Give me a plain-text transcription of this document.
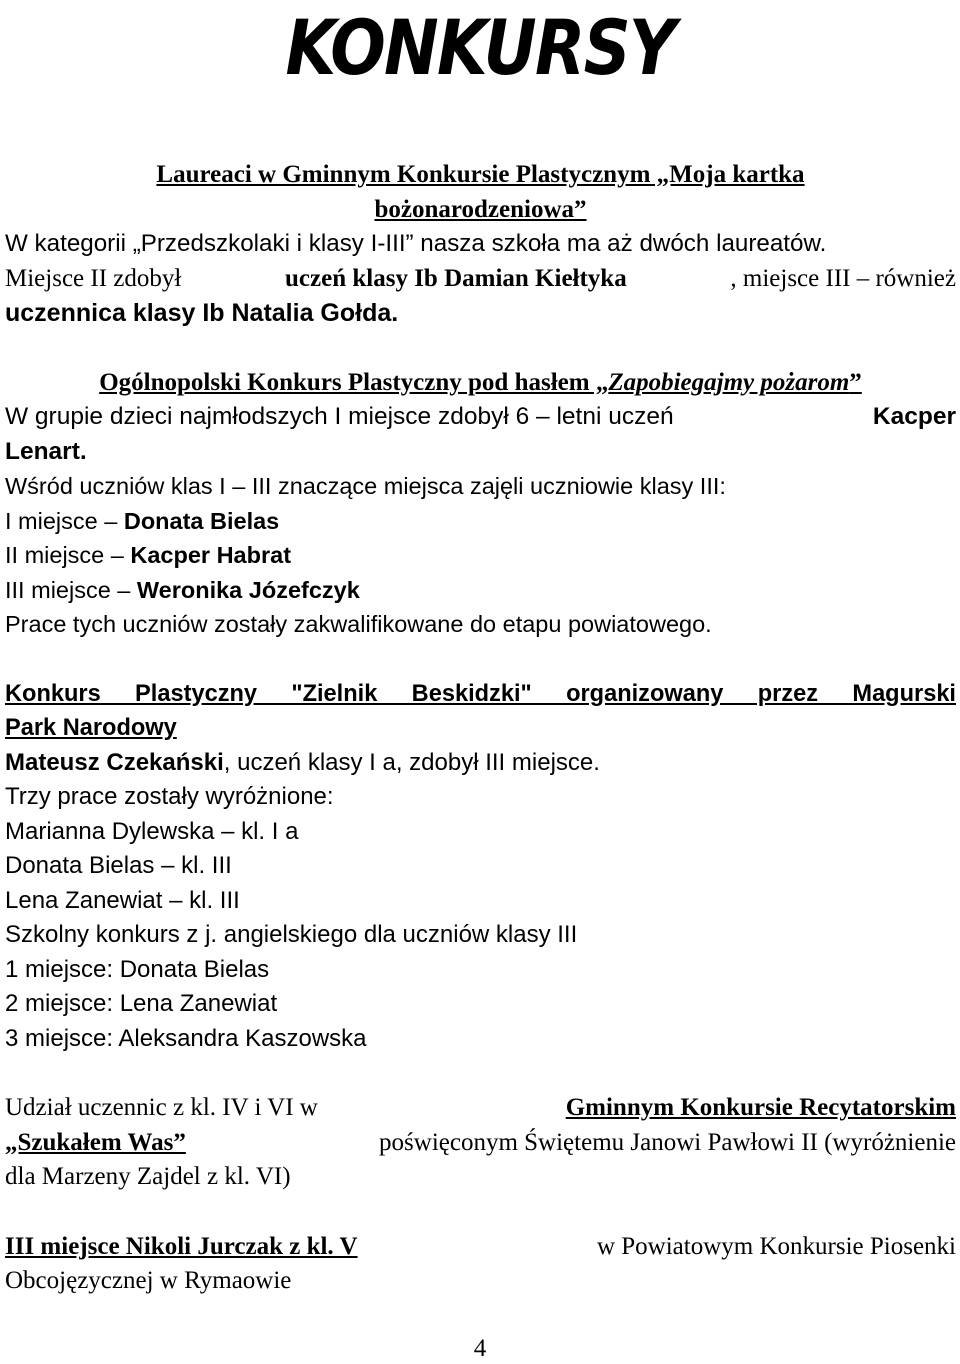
KONKURSY

Laureaci w Gminnym Konkursie Plastycznym „Moja kartka
bożonarodzeniowa”

W kategorii „Przedszkolaki i klasy I-III” nasza szkoła ma aż dwóch laureatów.

Miejsce II zdobył	uczeń klasy Ib Damian Kiełtyka	, miejsce III – również

uczennica klasy Ib Natalia Gołda.

Ogólnopolski Konkurs Plastyczny pod hasłem „Zapobiegajmy pożarom”

W grupie dzieci najmłodszych I miejsce zdobył 6 – letni uczeń	Kacper

Lenart.

Wśród uczniów klas I – III znaczące miejsca zajęli uczniowie klasy III:

I miejsce – Donata Bielas

II miejsce – Kacper Habrat

III miejsce – Weronika Józefczyk

Prace tych uczniów zostały zakwalifikowane do etapu powiatowego.

Konkurs Plastyczny "Zielnik Beskidzki" organizowany przez Magurski

Park Narodowy

Mateusz Czekański, uczeń klasy I a, zdobył III miejsce.

Trzy prace zostały wyróżnione:

Marianna Dylewska – kl. I a

Donata Bielas – kl. III

Lena Zanewiat – kl. III

Szkolny konkurs z j. angielskiego dla uczniów klasy III

1 miejsce: Donata Bielas

2 miejsce: Lena Zanewiat

3 miejsce: Aleksandra Kaszowska

Udział uczennic z kl. IV i VI w	Gminnym Konkursie Recytatorskim

„Szukałem Was”	poświęconym Świętemu Janowi Pawłowi II (wyróżnienie

dla Marzeny Zajdel z kl. VI)

III miejsce Nikoli Jurczak z kl. V	w Powiatowym Konkursie Piosenki

Obcojęzycznej w Rymaowie

4
